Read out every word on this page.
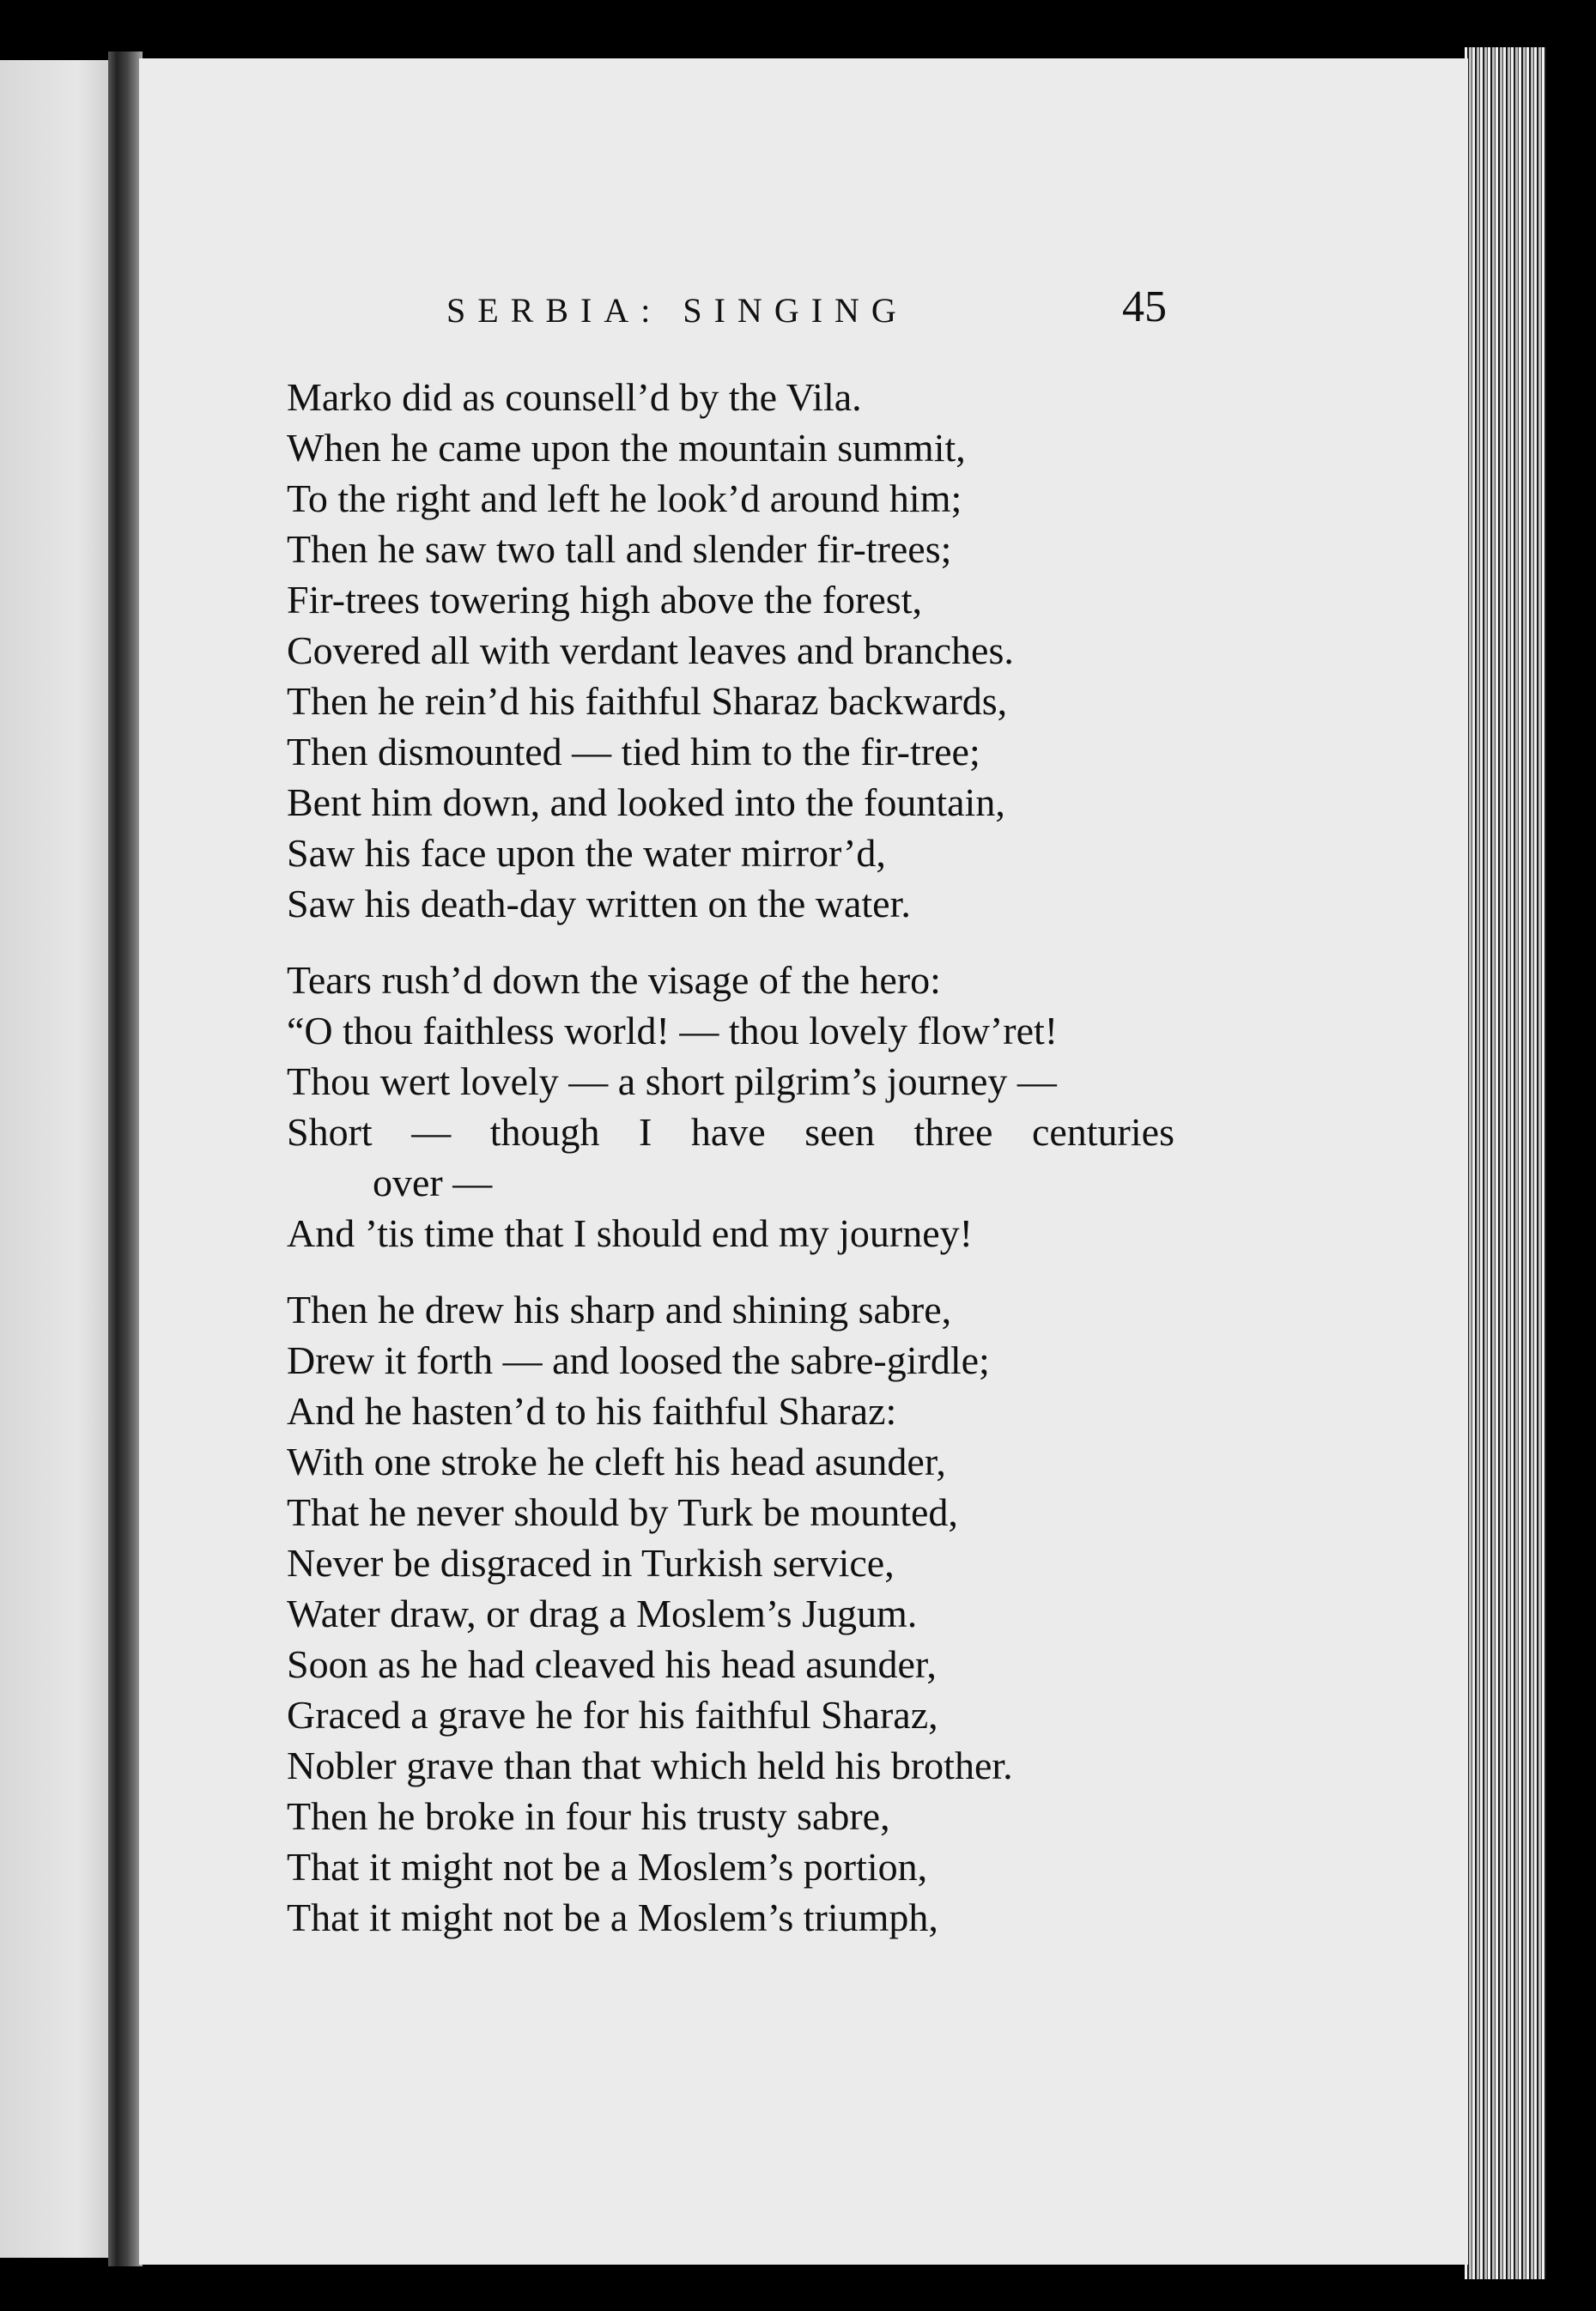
SERBIA: SINGING	45
Marko did as counsell’d by the Vila.
When he came upon the mountain summit,
To the right and left he look’d around him;
Then he saw two tall and slender fir-trees;
Fir-trees towering high above the forest,
Covered all with verdant leaves and branches.
Then he rein’d his faithful Sharaz backwards,
Then dismounted — tied him to the fir-tree;
Bent him down, and looked into the fountain,
Saw his face upon the water mirror’d,
Saw his death-day written on the water.
Tears rush’d down the visage of the hero:
“O thou faithless world! — thou lovely flow’ret!
Thou wert lovely — a short pilgrim’s journey —
Short — though I have seen three centuries
over —
And ’tis time that I should end my journey!
Then he drew his sharp and shining sabre,
Drew it forth — and loosed the sabre-girdle;
And he hasten’d to his faithful Sharaz:
With one stroke he cleft his head asunder,
That he never should by Turk be mounted,
Never be disgraced in Turkish service,
Water draw, or drag a Moslem’s Jugum.
Soon as he had cleaved his head asunder,
Graced a grave he for his faithful Sharaz,
Nobler grave than that which held his brother.
Then he broke in four his trusty sabre,
That it might not be a Moslem’s portion,
That it might not be a Moslem’s triumph,
